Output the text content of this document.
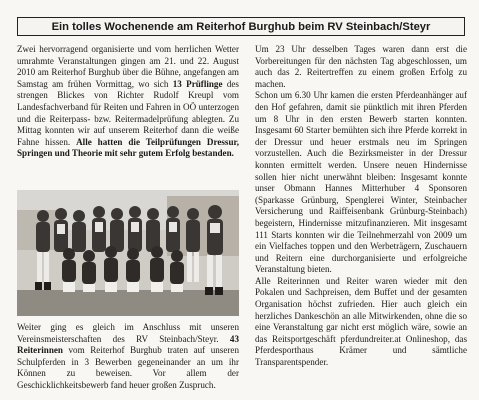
Ein tolles Wochenende am Reiterhof Burghub beim RV Steinbach/Steyr

Zwei hervorragend organisierte und vom herrlichen Wetter umrahmte Veranstaltungen gingen am 21. und 22. August 2010 am Reiterhof Burghub über die Bühne, angefangen am Samstag am frühen Vormittag, wo sich 13 Prüflinge des strengen Blickes von Richter Rudolf Kreupl vom Landesfachverband für Reiten und Fahren in OÖ unterzogen und die Reiterpass- bzw. Reitermadelprüfung ablegten. Zu Mittag konnten wir auf unserem Reiterhof dann die weiße Fahne hissen. Alle hatten die Teilprüfungen Dressur, Springen und Theorie mit sehr gutem Erfolg bestanden.

Weiter ging es gleich im Anschluss mit unseren Vereinsmeisterschaften des RV Steinbach/Steyr. 43 Reiterinnen vom Reiterhof Burghub traten auf unseren Schulpferden in 3 Bewerben gegeneinander an um ihr Können zu beweisen. Vor allem der Geschicklichkeitsbewerb fand heuer großen Zuspruch.

Um 23 Uhr desselben Tages waren dann erst die Vorbereitungen für den nächsten Tag abgeschlossen, um auch das 2. Reitertreffen zu einem großen Erfolg zu machen.

Schon um 6.30 Uhr kamen die ersten Pferdeanhänger auf den Hof gefahren, damit sie pünktlich mit ihren Pferden um 8 Uhr in den ersten Bewerb starten konnten. Insgesamt 60 Starter bemühten sich ihre Pferde korrekt in der Dressur und heuer erstmals neu im Springen vorzustellen. Auch die Bezirksmeister in der Dressur konnten ermittelt werden. Unsere neuen Hindernisse sollen hier nicht unerwähnt bleiben: Insgesamt konnte unser Obmann Hannes Mitterhuber 4 Sponsoren (Sparkasse Grünburg, Spenglerei Winter, Steinbacher Versicherung und Raiffeisenbank Grünburg-Steinbach) begeistern, Hindernisse mitzufinanzieren. Mit insgesamt 111 Starts konnten wir die Teilnehmerzahl von 2009 um ein Vielfaches toppen und den Werbeträgern, Zuschauern und Reitern eine durchorganisierte und erfolgreiche Veranstaltung bieten.

Alle Reiterinnen und Reiter waren wieder mit den Pokalen und Sachpreisen, dem Buffet und der gesamten Organisation höchst zufrieden. Hier auch gleich ein herzliches Dankeschön an alle Mitwirkenden, ohne die so eine Veranstaltung gar nicht erst möglich wäre, sowie an das Reitsportgeschäft pferdundreiter.at Onlineshop, das Pferdesporthaus Krämer und sämtliche Transparentspender.
